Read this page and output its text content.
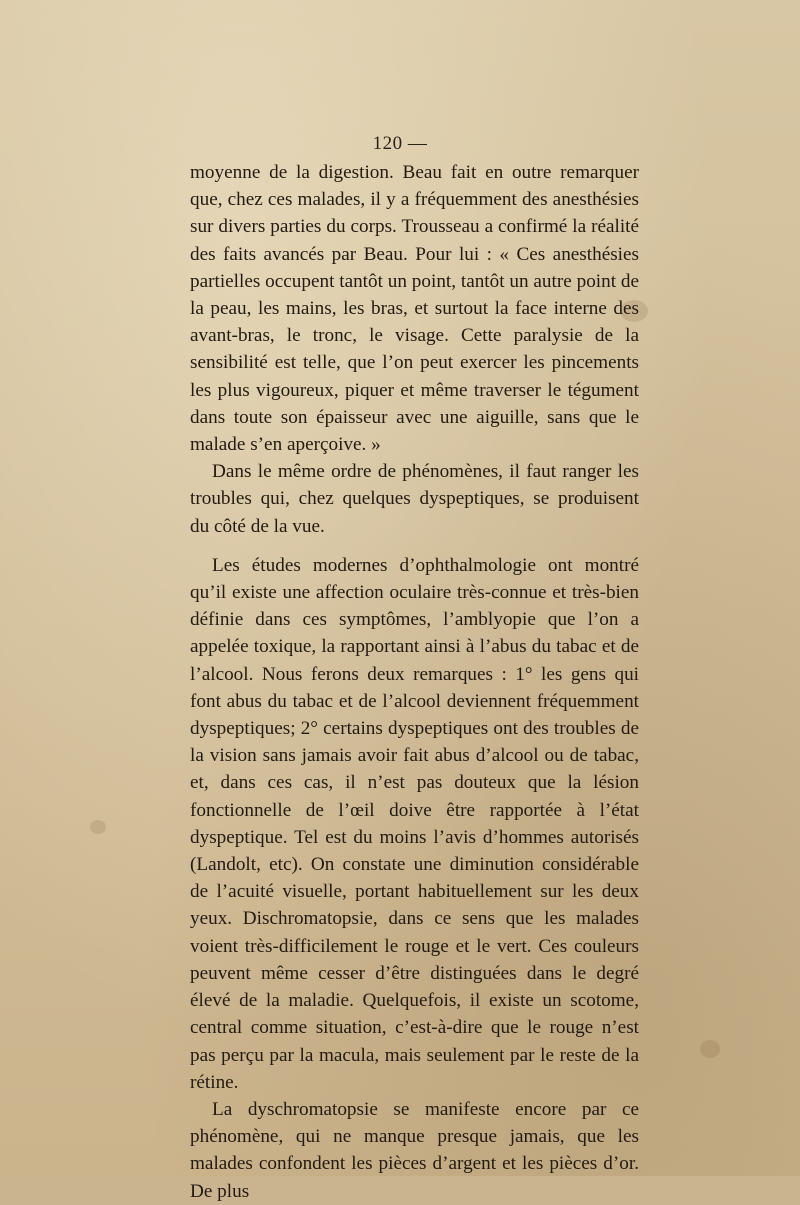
120 —

moyenne de la digestion. Beau fait en outre remarquer que, chez ces malades, il y a fréquemment des anesthésies sur divers parties du corps. Trousseau a confirmé la réalité des faits avancés par Beau. Pour lui : « Ces anesthésies partielles occupent tantôt un point, tantôt un autre point de la peau, les mains, les bras, et surtout la face interne des avant-bras, le tronc, le visage. Cette paralysie de la sensibilité est telle, que l’on peut exercer les pincements les plus vigoureux, piquer et même traverser le tégument dans toute son épaisseur avec une aiguille, sans que le malade s’en aperçoive. »

Dans le même ordre de phénomènes, il faut ranger les troubles qui, chez quelques dyspeptiques, se produisent du côté de la vue.

Les études modernes d’ophthalmologie ont montré qu’il existe une affection oculaire très-connue et très-bien définie dans ces symptômes, l’amblyopie que l’on a appelée toxique, la rapportant ainsi à l’abus du tabac et de l’alcool. Nous ferons deux remarques : 1° les gens qui font abus du tabac et de l’alcool deviennent fréquemment dyspeptiques; 2° certains dyspeptiques ont des troubles de la vision sans jamais avoir fait abus d’alcool ou de tabac, et, dans ces cas, il n’est pas douteux que la lésion fonctionnelle de l’œil doive être rapportée à l’état dyspeptique. Tel est du moins l’avis d’hommes autorisés (Landolt, etc). On constate une diminution considérable de l’acuité visuelle, portant habituellement sur les deux yeux. Dischromatopsie, dans ce sens que les malades voient très-difficilement le rouge et le vert. Ces couleurs peuvent même cesser d’être distinguées dans le degré élevé de la maladie. Quelquefois, il existe un scotome, central comme situation, c’est-à-dire que le rouge n’est pas perçu par la macula, mais seulement par le reste de la rétine.

La dyschromatopsie se manifeste encore par ce phénomène, qui ne manque presque jamais, que les malades confondent les pièces d’argent et les pièces d’or. De plus
